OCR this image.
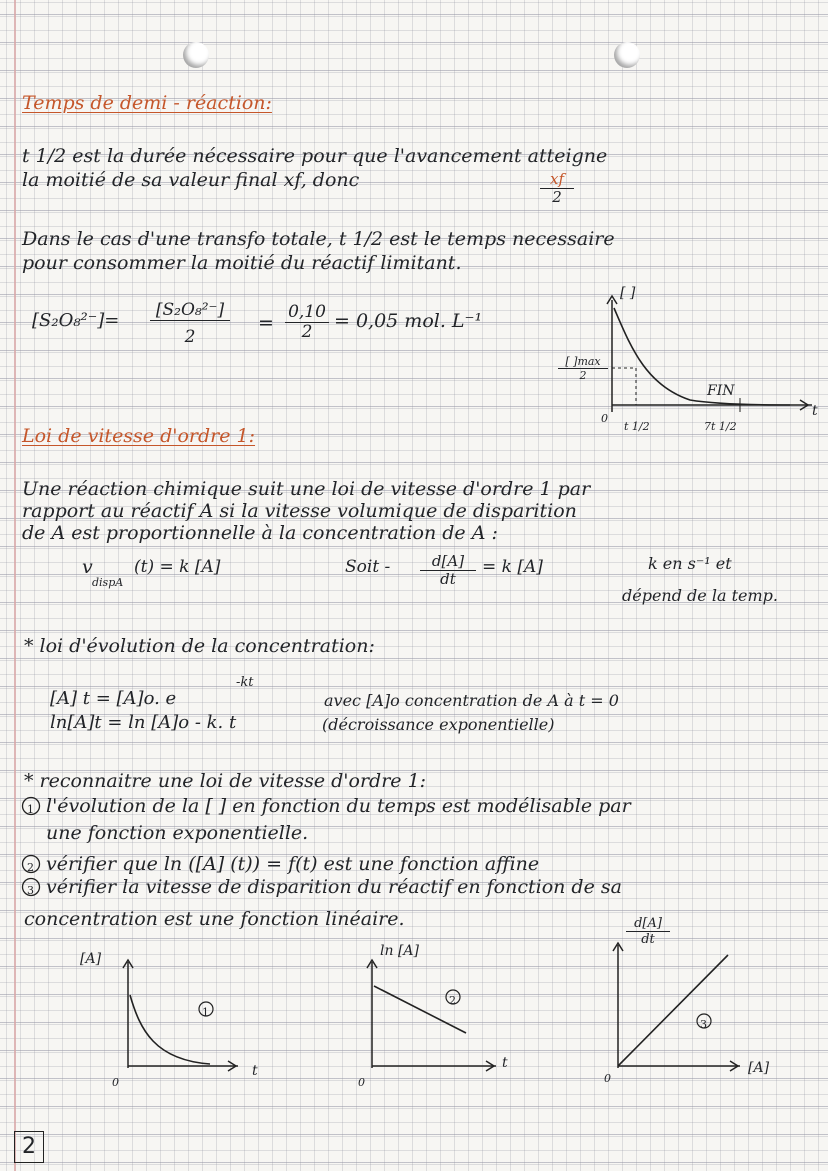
Temps de demi - réaction:
t 1/2 est la durée nécessaire pour que l'avancement atteigne
la moitié de sa valeur final xf, donc	$\frac{xf}{2}$
Dans le cas d'une transfo totale, t 1/2 est le temps necessaire
pour consommer la moitié du réactif limitant.
$[S_2O_8^{2-}]= \frac{\text{[S₂O₈²⁻]}}{2} = \frac{0,10}{2} = 0,05$ mol. L⁻¹
[ ]
[ ]max
2
0
t 1/2	7t 1/2
FIN
t
Loi de vitesse d'ordre 1:
Une réaction chimique suit une loi de vitesse d'ordre 1 par
rapport au réactif A si la vitesse volumique de disparition
de A est proportionnelle à la concentration de A :
v
dispA
(t) = k [A]	Soit - $\frac{d[A]}{dt} = k$ [A]	k en s⁻¹ et
dépend de la temp.
* loi d'évolution de la concentration:
[A] t = [A]o. e
-kt
avec [A]o concentration de A à t = 0
ln[A]t = ln [A]o - k. t	(décroissance exponentielle)
* reconnaitre une loi de vitesse d'ordre 1:
1
2
3
l'évolution de la [ ] en fonction du temps est modélisable par
une fonction exponentielle.
vérifier que ln ([A] (t)) = f(t) est une fonction affine
vérifier la vitesse de disparition du réactif en fonction de sa
concentration est une fonction linéaire.
[A]
t
0
1
ln [A]
t
0
2
$\frac{d[A]}{dt}$
[A]
0
3
2
